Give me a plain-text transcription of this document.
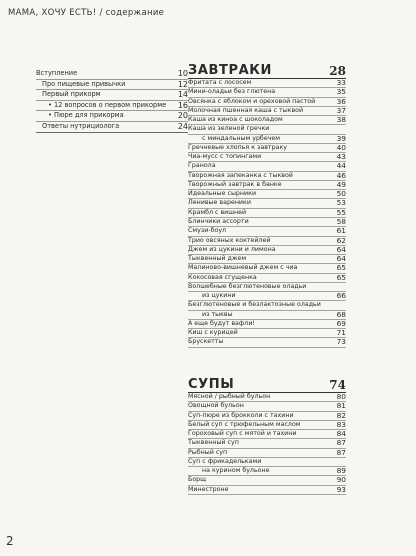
МАМА, ХОЧУ ЕСТЬ! / содержание
Вступление	10
Про пищевые привычки	12
Первый прикорм	14
• 12 вопросов о первом прикорме 16
• Пюре для прикорма	20
Ответы нутрициолога	24
ЗАВТРАКИ	28
Фритата с лососем	33
Мини-оладьи без глютена	35
Овсянка с яблоком и ореховой пастой	36
Молочная пшенная каша с тыквой	37
Каша из киноа с шоколадом	38
Каша из зеленой гречки
с миндальным урбечем	39
Гречневые хлопья к завтраку	40
Чиа-мусс с топингами	43
Гранола	44
Творожная запеканка с тыквой	46
Творожный завтрак в банке	49
Идеальные сырники	50
Ленивые вареники	53
Крамбл с вишней	55
Блинчики ассорти	58
Смузи-боул	61
Трио овсяных коктейлей	62
Джем из цукини и лимона	64
Тыквенный джем	64
Малиново-вишневый джем с чиа	65
Кокосовая сгущенка	65
Волшебные безглютеновые оладьи
из цукини	66
Безглютеновые и безлактозные оладьи
из тыквы	68
А еще будут вафли!	69
Киш с курицей	71
Брускетты	73
СУПЫ	74
Мясной / рыбный бульон	80
Овощной бульон	81
Суп-пюре из брокколи с тахини	82
Белый суп с трюфельным маслом	83
Гороховый суп с мятой и тахини	84
Тыквенный суп	87
Рыбный суп	87
Суп с фрикадельками
на курином бульоне	89
Борщ	90
Минестроне	93
2
